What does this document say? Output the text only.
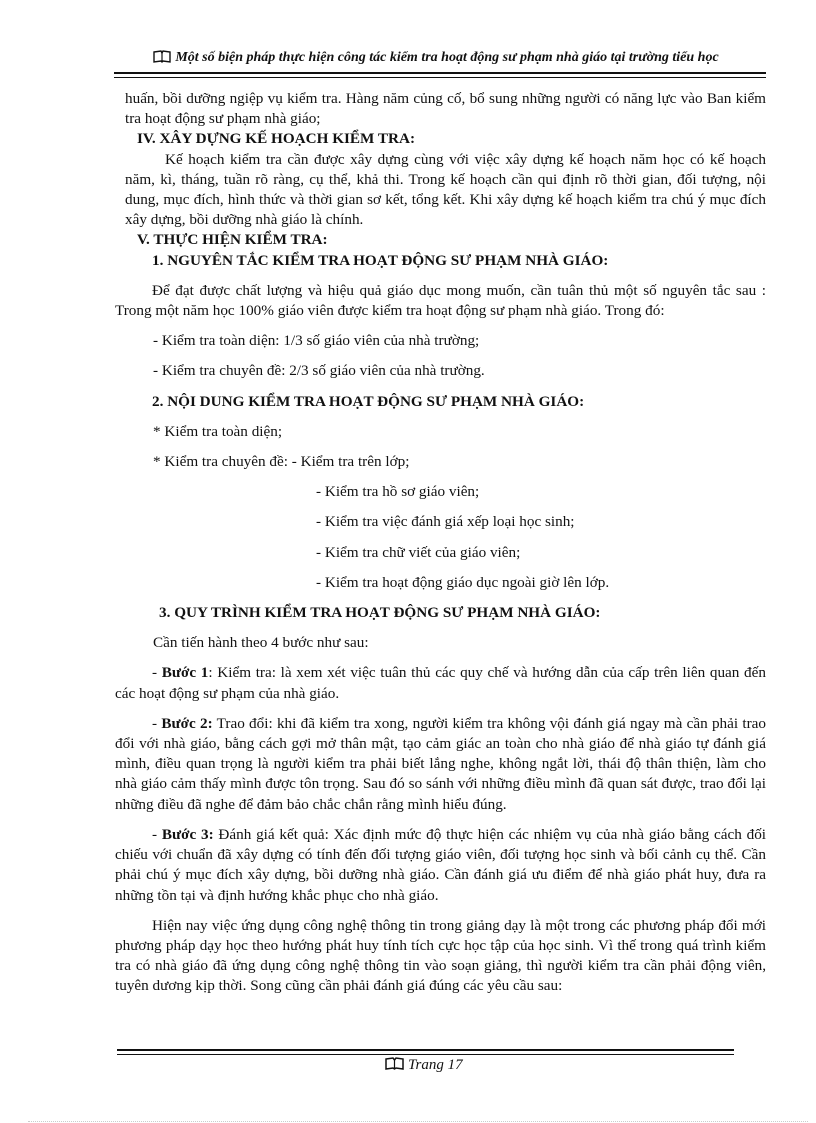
Một số biện pháp thực hiện công tác kiểm tra hoạt động sư phạm nhà giáo tại trường tiểu học

huấn, bồi dưỡng ngiệp vụ kiểm tra. Hàng năm củng cố, bổ sung những người có năng lực vào Ban kiểm tra hoạt động sư phạm nhà giáo;

IV. XÂY DỰNG KẾ HOẠCH KIỂM TRA:

Kế hoạch kiểm tra cần được xây dựng cùng với việc xây dựng kế hoạch năm học có kế hoạch năm, kì, tháng, tuần rõ ràng, cụ thể, khả thi. Trong kế hoạch cần qui định rõ thời gian, đối tượng, nội dung, mục đích, hình thức và thời gian sơ kết, tổng kết. Khi xây dựng kế hoạch kiểm tra chú ý mục đích xây dựng, bồi dưỡng nhà giáo là chính.

V. THỰC HIỆN KIỂM TRA:

1. NGUYÊN TẮC KIỂM TRA HOẠT ĐỘNG SƯ PHẠM NHÀ GIÁO:

Để đạt được chất lượng và hiệu quả giáo dục mong muốn, cần tuân thủ một số nguyên tắc sau : Trong một năm học 100% giáo viên được kiểm tra hoạt động sư phạm nhà giáo. Trong đó:

- Kiểm tra toàn diện: 1/3 số giáo viên của nhà trường;

- Kiểm tra chuyên đề: 2/3 số giáo viên của nhà trường.

2. NỘI DUNG KIỂM TRA HOẠT ĐỘNG SƯ PHẠM NHÀ GIÁO:

* Kiểm tra toàn diện;

* Kiểm tra chuyên đề: - Kiểm tra trên lớp;

- Kiểm tra hồ sơ giáo viên;

- Kiểm tra việc đánh giá xếp loại học sinh;

- Kiểm tra chữ viết của giáo viên;

- Kiểm tra hoạt động giáo dục ngoài giờ lên lớp.

3. QUY TRÌNH KIỂM TRA HOẠT ĐỘNG SƯ PHẠM NHÀ GIÁO:

Cần tiến hành theo 4 bước như sau:

- Bước 1: Kiểm tra: là xem xét việc tuân thủ các quy chế và hướng dẫn của cấp trên liên quan đến các hoạt động sư phạm của nhà giáo.

- Bước 2: Trao đổi: khi đã kiểm tra xong, người kiểm tra không vội đánh giá ngay mà cần phải trao đổi với nhà giáo, bằng cách gợi mở thân mật, tạo cảm giác an toàn cho nhà giáo để nhà giáo tự đánh giá mình, điều quan trọng là người kiểm tra phải biết lắng nghe, không ngắt lời, thái độ thân thiện, làm cho nhà giáo cảm thấy mình được tôn trọng. Sau đó so sánh với những điều mình đã quan sát được, trao đổi lại những điều đã nghe để đảm bảo chắc chắn rằng mình hiểu đúng.

- Bước 3: Đánh giá kết quả: Xác định mức độ thực hiện các nhiệm vụ của nhà giáo bằng cách đối chiếu với chuẩn đã xây dựng có tính đến đối tượng giáo viên, đối tượng học sinh và bối cảnh cụ thể. Cần phải chú ý mục đích xây dựng, bồi dưỡng nhà giáo. Cần đánh giá ưu điểm để nhà giáo phát huy, đưa ra những tồn tại và định hướng khắc phục cho nhà giáo.

Hiện nay việc ứng dụng công nghệ thông tin trong giảng dạy là một trong các phương pháp đổi mới phương pháp dạy học theo hướng phát huy tính tích cực học tập của học sinh. Vì thế trong quá trình kiểm tra có nhà giáo đã ứng dụng công nghệ thông tin vào soạn giảng, thì người kiểm tra cần phải động viên, tuyên dương kịp thời. Song cũng cần phải đánh giá đúng các yêu cầu sau:

Trang 17
